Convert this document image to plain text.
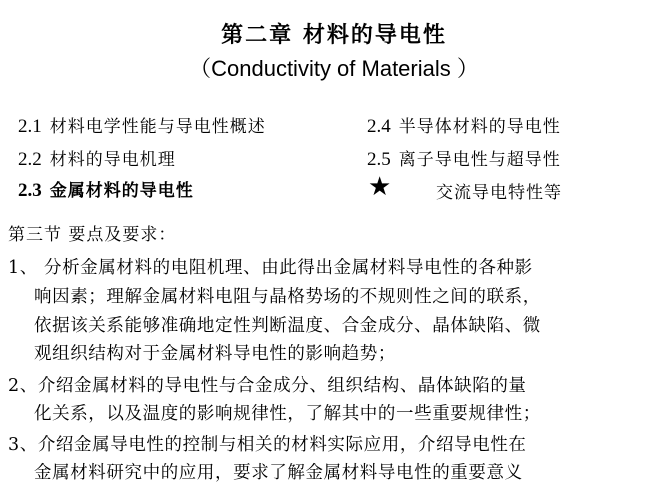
第二章 材料的导电性
（Conductivity of Materials ）
2.1 材料电学性能与导电性概述
2.2 材料的导电机理
2.3 金属材料的导电性
2.4 半导体材料的导电性
2.5 离子导电性与超导性
★	交流导电特性等
第三节 要点及要求：
1、 分析金属材料的电阻机理、由此得出金属材料导电性的各种影
响因素；理解金属材料电阻与晶格势场的不规则性之间的联系，
依据该关系能够准确地定性判断温度、合金成分、晶体缺陷、微
观组织结构对于金属材料导电性的影响趋势；
2、介绍金属材料的导电性与合金成分、组织结构、晶体缺陷的量
化关系，以及温度的影响规律性，了解其中的一些重要规律性；
3、介绍金属导电性的控制与相关的材料实际应用，介绍导电性在
金属材料研究中的应用，要求了解金属材料导电性的重要意义
